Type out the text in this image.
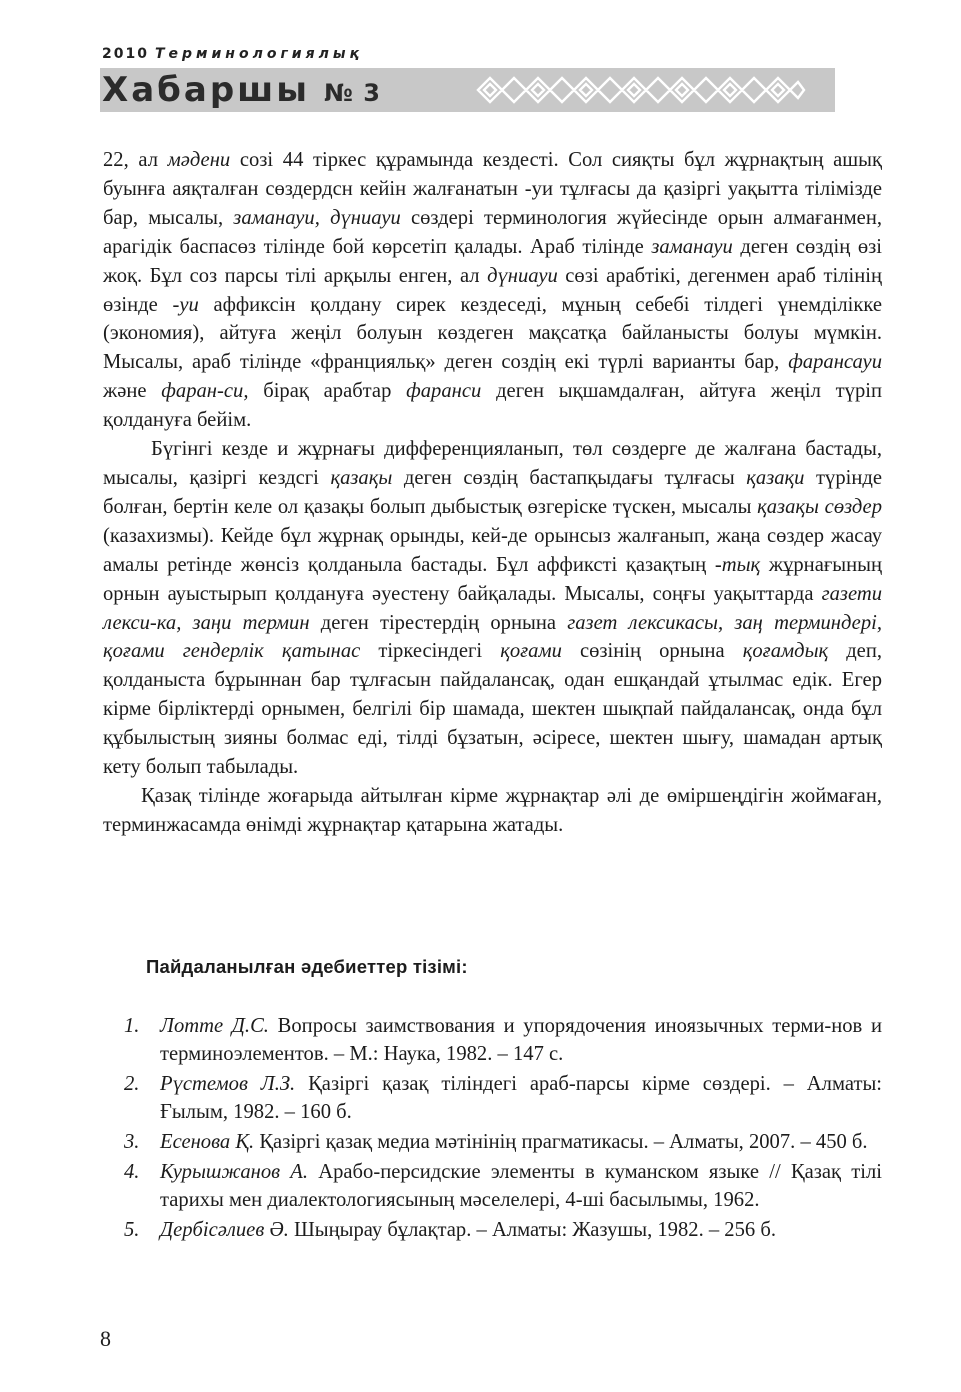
2010 Терминологиялық
Хабаршы № 3

22, ал мәдени созі 44 тіркес құрамында кездесті. Сол сияқты бұл жұрнақтың ашық буынға аяқталған сөздердсн кейін жалғанатын -уи тұлғасы да қазіргі уақытта тілімізде бар, мысалы, заманауи, дүниауи сөздері терминология жүйесінде орын алмағанмен, арагідік баспасөз тілінде бой көрсетіп қалады. Араб тілінде заманауи деген сөздің өзі жоқ. Бұл соз парсы тілі арқылы енген, ал дүниауи сөзі арабтікі, дегенмен араб тілінің өзінде -уи аффиксін қолдану сирек кездеседі, мұның себебі тілдегі үнемділікке (экономия), айтуға жеңіл болуын көздеген мақсатқа байланысты болуы мүмкін. Мысалы, араб тілінде «францияльқ» деген создің екі түрлі варианты бар, фарансауи және фаран-си, бірақ арабтар фаранси деген ықшамдалған, айтуға жеңіл түріп қолдануға бейім.

Бүгінгі кезде и жұрнағы дифференцияланып, төл сөздерге де жалғана бастады, мысалы, қазіргі кездсгі қазақы деген сөздің бастапқыдағы тұлғасы қазақи түрінде болған, бертін келе ол қазақы болып дыбыстық өзгеріске түскен, мысалы қазақы сөздер (казахизмы). Кейде бұл жұрнақ орынды, кей-де орынсыз жалғанып, жаңа сөздер жасау амалы ретінде жөнсіз қолданыла бастады. Бұл аффиксті қазақтың -тық жұрнағының орнын ауыстырып қолдануға әуестену байқалады. Мысалы, соңғы уақыттарда газети лекси-ка, заңи термин деген тірестердің орнына газет лексикасы, заң терминдері, қоғами гендерлік қатынас тіркесіндегі қоғами сөзінің орнына қоғамдық деп, қолданыста бұрыннан бар тұлғасын пайдаланcақ, одан ешқандай ұтылмас едік. Егер кірме бірліктерді орнымен, белгілі бір шамада, шектен шықпай пайдалансақ, онда бұл құбылыстың зияны болмас еді, тілді бұзатын, әсіресе, шектен шығу, шамадан артық кету болып табылады.

Қазақ тілінде жоғарыда айтылған кірме жұрнақтар әлі де өміршеңдігін жоймаған, терминжасамда өнімді жұрнақтар қатарына жатады.

Пайдаланылған әдебиеттер тізімі:
1. Лотте Д.С. Вопросы заимствования и упорядочения иноязычных терми-нов и терминоэлементов. – М.: Наука, 1982. – 147 с.
2. Рүстемов Л.З. Қазіргі қазақ тіліндегі араб-парсы кірме сөздері. – Алматы: Ғылым, 1982. – 160 б.
3. Есенова Қ. Қазіргі қазақ медиа мәтінінің прагматикасы. – Алматы, 2007. – 450 б.
4. Курышжанов А. Арабо-персидские элементы в куманском языке // Қазақ тілі тарихы мен диалектологиясының мәселелері, 4-ші басылымы, 1962.
5. Дербісәлиев Ә. Шыңырау бұлақтар. – Алматы: Жазушы, 1982. – 256 б.
8
